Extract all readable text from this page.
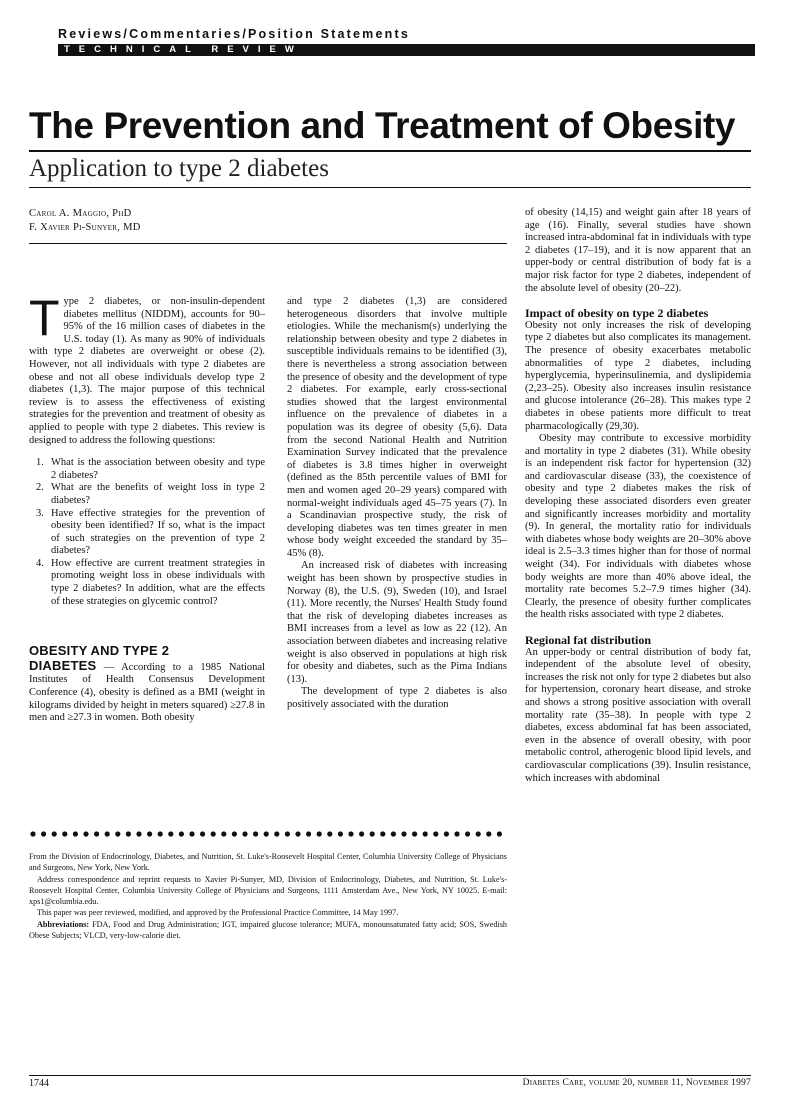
Reviews/Commentaries/Position Statements
TECHNICAL REVIEW
The Prevention and Treatment of Obesity
Application to type 2 diabetes
Carol A. Maggio, PhD
F. Xavier Pi-Sunyer, MD

Type 2 diabetes, or non-insulin-dependent diabetes mellitus (NIDDM), accounts for 90–95% of the 16 million cases of diabetes in the U.S. today (1). As many as 90% of individuals with type 2 diabetes are overweight or obese (2). However, not all individuals with type 2 diabetes are obese and not all obese individuals develop type 2 diabetes (1,3). The major purpose of this technical review is to assess the effectiveness of existing strategies for the prevention and treatment of obesity as applied to people with type 2 diabetes. This review is designed to address the following questions:

1. What is the association between obesity and type 2 diabetes?
2. What are the benefits of weight loss in type 2 diabetes?
3. Have effective strategies for the prevention of obesity been identified? If so, what is the impact of such strategies on the prevention of type 2 diabetes?
4. How effective are current treatment strategies in promoting weight loss in obese individuals with type 2 diabetes? In addition, what are the effects of these strategies on glycemic control?

OBESITY AND TYPE 2
DIABETES — According to a 1985 National Institutes of Health Consensus Development Conference (4), obesity is defined as a BMI (weight in kilograms divided by height in meters squared) ≥27.8 in men and ≥27.3 in women. Both obesity

and type 2 diabetes (1,3) are considered heterogeneous disorders that involve multiple etiologies. While the mechanism(s) underlying the relationship between obesity and type 2 diabetes in susceptible individuals remains to be identified (3), there is nevertheless a strong association between the presence of obesity and the development of type 2 diabetes. For example, early cross-sectional studies showed that the largest environmental influence on the prevalence of diabetes in a population was its degree of obesity (5,6). Data from the second National Health and Nutrition Examination Survey indicated that the prevalence of diabetes is 3.8 times higher in overweight (defined as the 85th percentile values of BMI for men and women aged 20–29 years) compared with normal-weight individuals aged 45–75 years (7). In a Scandinavian prospective study, the risk of developing diabetes was ten times greater in men whose body weight exceeded the standard by 35–45% (8).

An increased risk of diabetes with increasing weight has been shown by prospective studies in Norway (8), the U.S. (9), Sweden (10), and Israel (11). More recently, the Nurses' Health Study found that the risk of developing diabetes increases as BMI increases from a level as low as 22 (12). An association between diabetes and increasing relative weight is also observed in populations at high risk for obesity and diabetes, such as the Pima Indians (13).

The development of type 2 diabetes is also positively associated with the duration

of obesity (14,15) and weight gain after 18 years of age (16). Finally, several studies have shown increased intra-abdominal fat in individuals with type 2 diabetes (17–19), and it is now apparent that an upper-body or central distribution of body fat is a major risk factor for type 2 diabetes, independent of the absolute level of obesity (20–22).

Impact of obesity on type 2 diabetes

Obesity not only increases the risk of developing type 2 diabetes but also complicates its management. The presence of obesity exacerbates metabolic abnormalities of type 2 diabetes, including hyperglycemia, hyperinsulinemia, and dyslipidemia (2,23–25). Obesity also increases insulin resistance and glucose intolerance (26–28). This makes type 2 diabetes in obese patients more difficult to treat pharmacologically (29,30).

Obesity may contribute to excessive morbidity and mortality in type 2 diabetes (31). While obesity is an independent risk factor for hypertension (32) and cardiovascular disease (33), the coexistence of obesity and type 2 diabetes makes the risk of developing these associated disorders even greater and significantly increases morbidity and mortality (9). In general, the mortality ratio for individuals with diabetes whose body weights are 20–30% above ideal is 2.5–3.3 times higher than for those of normal weight (34). For individuals with diabetes whose body weights are more than 40% above ideal, the mortality rate becomes 5.2–7.9 times higher (34). Clearly, the presence of obesity further complicates the health risks associated with type 2 diabetes.

Regional fat distribution

An upper-body or central distribution of body fat, independent of the absolute level of obesity, increases the risk not only for type 2 diabetes but also for hypertension, coronary heart disease, and stroke and shows a strong positive association with overall mortality rate (35–38). In people with type 2 diabetes, excess abdominal fat has been associated, even in the absence of overall obesity, with poor metabolic control, atherogenic blood lipid levels, and cardiovascular complications (39). Insulin resistance, which increases with abdominal

From the Division of Endocrinology, Diabetes, and Nutrition, St. Luke's-Roosevelt Hospital Center, Columbia University College of Physicians and Surgeons, New York, New York.

Address correspondence and reprint requests to Xavier Pi-Sunyer, MD, Division of Endocrinology, Diabetes, and Nutrition, St. Luke's-Roosevelt Hospital Center, Columbia University College of Physicians and Surgeons, 1111 Amsterdam Ave., New York, NY 10025. E-mail: xps1@columbia.edu.

This paper was peer reviewed, modified, and approved by the Professional Practice Committee, 14 May 1997.

Abbreviations: FDA, Food and Drug Administration; IGT, impaired glucose tolerance; MUFA, monounsaturated fatty acid; SOS, Swedish Obese Subjects; VLCD, very-low-calorie diet.

1744	Diabetes Care, volume 20, number 11, November 1997
